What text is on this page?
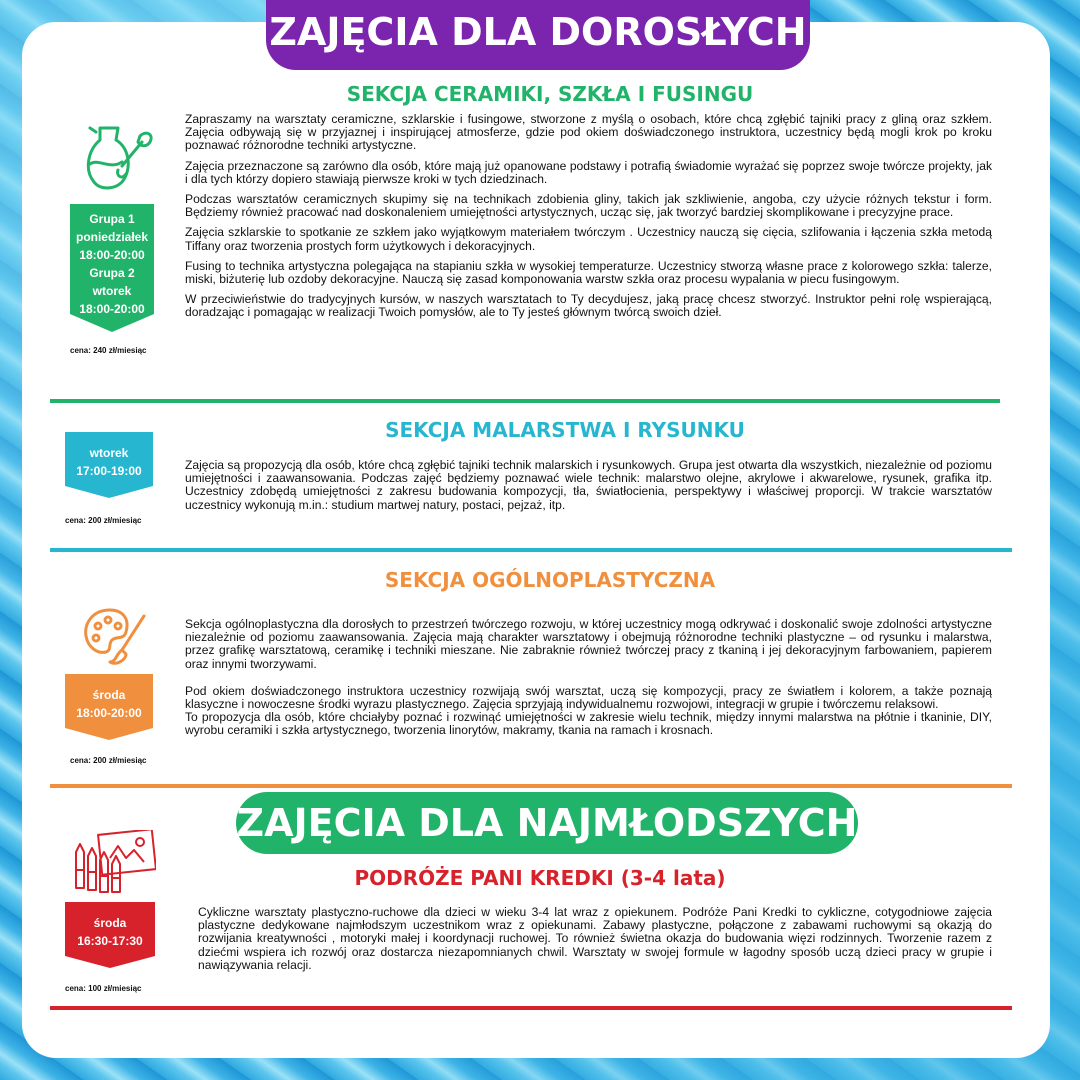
ZAJĘCIA DLA DOROSŁYCH
SEKCJA CERAMIKI, SZKŁA I FUSINGU
Grupa 1
poniedziałek
18:00-20:00
Grupa 2
wtorek
18:00-20:00
cena: 240 zł/miesiąc

Zapraszamy na warsztaty ceramiczne, szklarskie i fusingowe, stworzone z myślą o osobach, które chcą zgłębić tajniki pracy z gliną oraz szkłem. Zajęcia odbywają się w przyjaznej i inspirującej atmosferze, gdzie pod okiem doświadczonego instruktora, uczestnicy będą mogli krok po kroku poznawać różnorodne techniki artystyczne.

Zajęcia przeznaczone są zarówno dla osób, które mają już opanowane podstawy i potrafią świadomie wyrażać się poprzez swoje twórcze projekty, jak i dla tych którzy dopiero stawiają pierwsze kroki w tych dziedzinach.

Podczas warsztatów ceramicznych skupimy się na technikach zdobienia gliny, takich jak szkliwienie, angoba, czy użycie różnych tekstur i form. Będziemy również pracować nad doskonaleniem umiejętności artystycznych, ucząc się, jak tworzyć bardziej skomplikowane i precyzyjne prace.

Zajęcia szklarskie to spotkanie ze szkłem jako wyjątkowym materiałem twórczym . Uczestnicy nauczą się cięcia, szlifowania i łączenia szkła metodą Tiffany oraz tworzenia prostych form użytkowych i dekoracyjnych.

Fusing to technika artystyczna polegająca na stapianiu szkła w wysokiej temperaturze. Uczestnicy stworzą własne prace z kolorowego szkła: talerze, miski, biżuterię lub ozdoby dekoracyjne. Nauczą się zasad komponowania warstw szkła oraz procesu wypalania w piecu fusingowym.

W przeciwieństwie do tradycyjnych kursów, w naszych warsztatach to Ty decydujesz, jaką pracę chcesz stworzyć. Instruktor pełni rolę wspierającą, doradzając i pomagając w realizacji Twoich pomysłów, ale to Ty jesteś głównym twórcą swoich dzieł.

SEKCJA MALARSTWA I RYSUNKU
wtorek
17:00-19:00
cena: 200 zł/miesiąc

Zajęcia są propozycją dla osób, które chcą zgłębić tajniki technik malarskich i rysunkowych. Grupa jest otwarta dla wszystkich, niezależnie od poziomu umiejętności i zaawansowania. Podczas zajęć będziemy poznawać wiele technik: malarstwo olejne, akrylowe i akwarelowe, rysunek, grafika itp. Uczestnicy zdobędą umiejętności z zakresu budowania kompozycji, tła, światłocienia, perspektywy i właściwej proporcji. W trakcie warsztatów uczestnicy wykonują m.in.: studium martwej natury, postaci, pejzaż, itp.

SEKCJA OGÓLNOPLASTYCZNA
środa
18:00-20:00
cena: 200 zł/miesiąc

Sekcja ogólnoplastyczna dla dorosłych to przestrzeń twórczego rozwoju, w której uczestnicy mogą odkrywać i doskonalić swoje zdolności artystyczne niezależnie od poziomu zaawansowania. Zajęcia mają charakter warsztatowy i obejmują różnorodne techniki plastyczne – od rysunku i malarstwa, przez grafikę warsztatową, ceramikę i techniki mieszane. Nie zabraknie również twórczej pracy z tkaniną i jej dekoracyjnym farbowaniem, papierem oraz innymi tworzywami.

Pod okiem doświadczonego instruktora uczestnicy rozwijają swój warsztat, uczą się kompozycji, pracy ze światłem i kolorem, a także poznają klasyczne i nowoczesne środki wyrazu plastycznego. Zajęcia sprzyjają indywidualnemu rozwojowi, integracji w grupie i twórczemu relaksowi.

To propozycja dla osób, które chciałyby poznać i rozwinąć umiejętności w zakresie wielu technik, między innymi malarstwa na płótnie i tkaninie, DIY, wyrobu ceramiki i szkła artystycznego, tworzenia linorytów, makramy, tkania na ramach i krosnach.

ZAJĘCIA DLA NAJMŁODSZYCH
PODRÓŻE PANI KREDKI (3-4 lata)
środa
16:30-17:30
cena: 100 zł/miesiąc

Cykliczne warsztaty plastyczno-ruchowe dla dzieci w wieku 3-4 lat wraz z opiekunem. Podróże Pani Kredki to cykliczne, cotygodniowe zajęcia plastyczne dedykowane najmłodszym uczestnikom wraz z opiekunami. Zabawy plastyczne, połączone z zabawami ruchowymi są okazją do rozwijania kreatywności , motoryki małej i koordynacji ruchowej. To również świetna okazja do budowania więzi rodzinnych. Tworzenie razem z dziećmi wspiera ich rozwój oraz dostarcza niezapomnianych chwil. Warsztaty w swojej formule w łagodny sposób uczą dzieci pracy w grupie i nawiązywania relacji.
